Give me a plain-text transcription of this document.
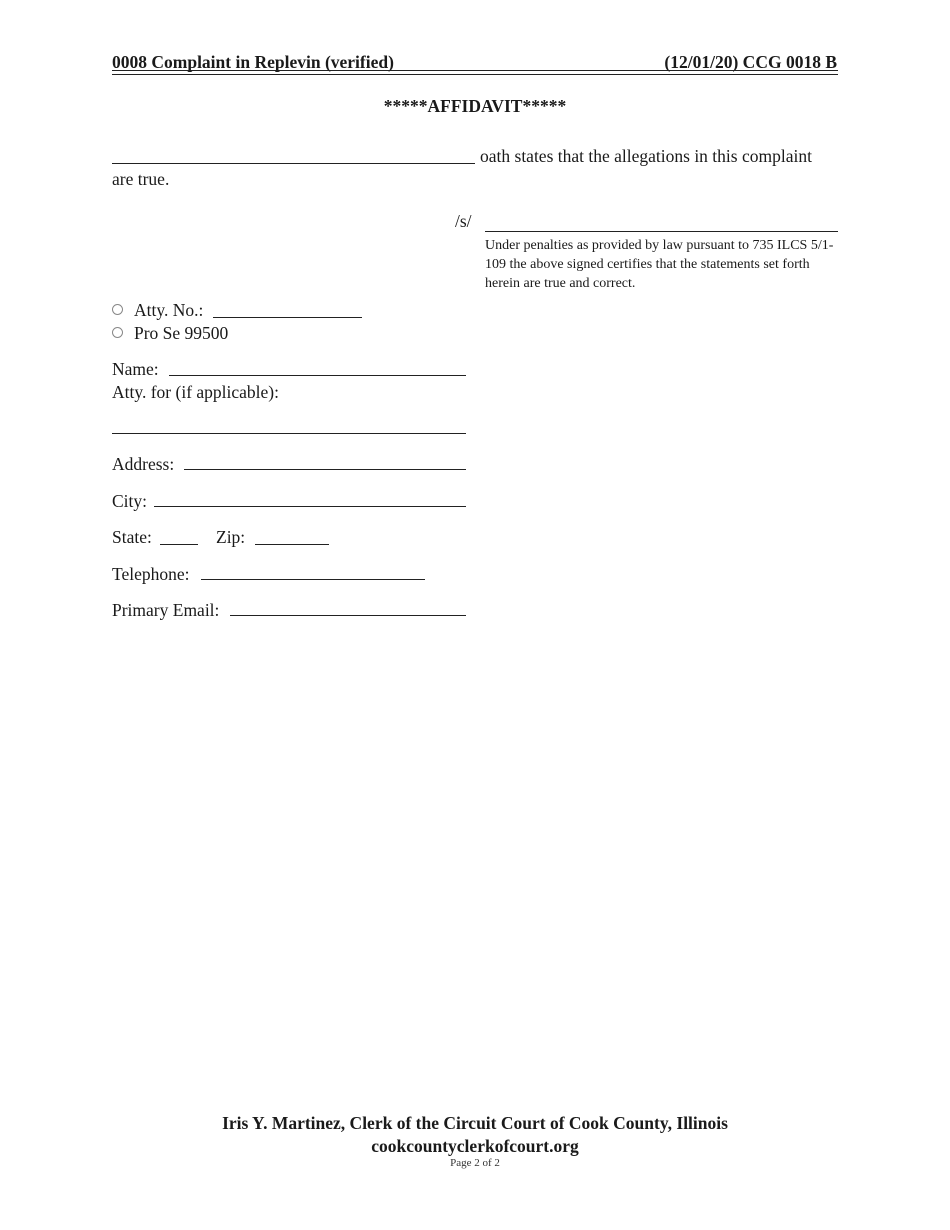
0008 Complaint in Replevin (verified)	(12/01/20) CCG 0018 B
*****AFFIDAVIT*****
oath states that the allegations in this complaint
are true.
/s/
Under penalties as provided by law pursuant to 735 ILCS 5/1-109 the above signed certifies that the statements set forth herein are true and correct.
Atty. No.:
Pro Se 99500
Name:
Atty. for (if applicable):
Address:
City:
State:	Zip:
Telephone:
Primary Email:
Iris Y. Martinez, Clerk of the Circuit Court of Cook County, Illinois
cookcountyclerkofcourt.org
Page 2 of 2
